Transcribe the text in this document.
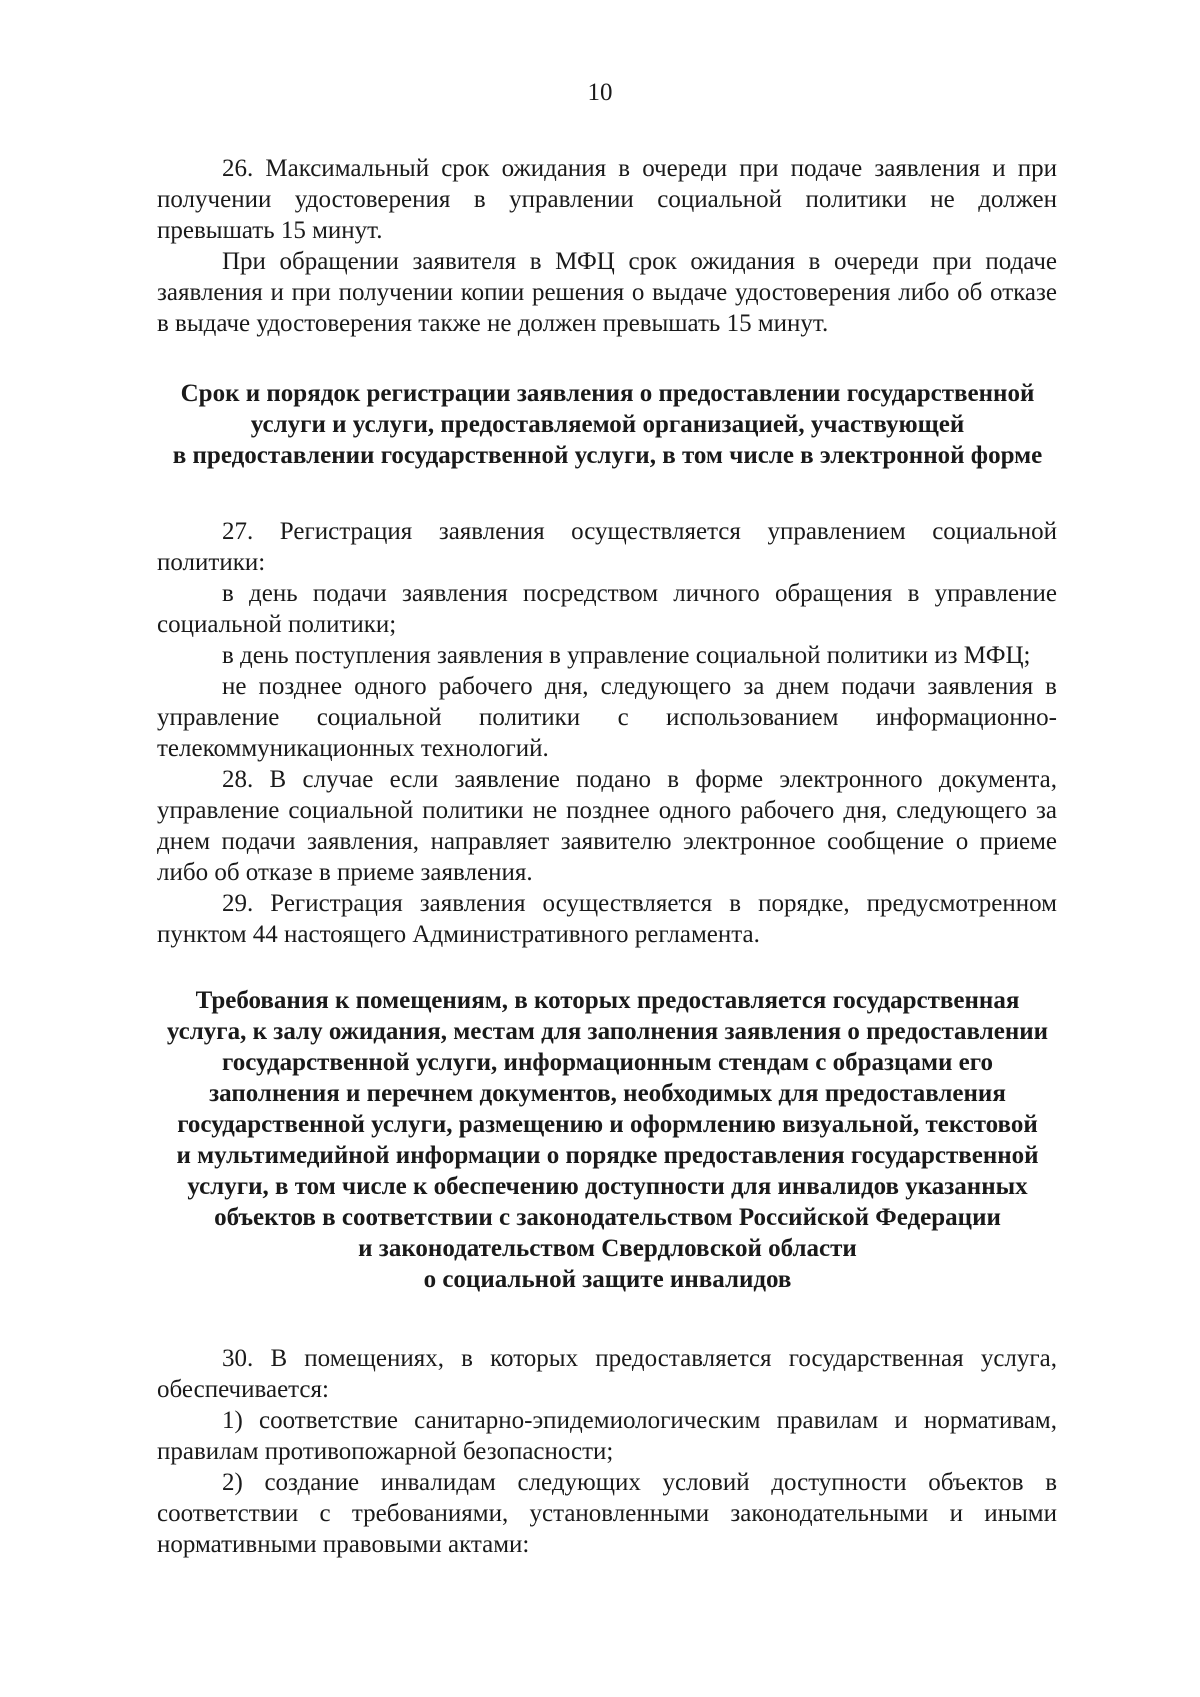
10

26. Максимальный срок ожидания в очереди при подаче заявления и при получении удостоверения в управлении социальной политики не должен превышать 15 минут.

При обращении заявителя в МФЦ срок ожидания в очереди при подаче заявления и при получении копии решения о выдаче удостоверения либо об отказе в выдаче удостоверения также не должен превышать 15 минут.

Срок и порядок регистрации заявления о предоставлении государственной
услуги и услуги, предоставляемой организацией, участвующей
в предоставлении государственной услуги, в том числе в электронной форме

27. Регистрация заявления осуществляется управлением социальной политики:

в день подачи заявления посредством личного обращения в управление социальной политики;

в день поступления заявления в управление социальной политики из МФЦ;

не позднее одного рабочего дня, следующего за днем подачи заявления в управление социальной политики с использованием информационно-телекоммуникационных технологий.

28. В случае если заявление подано в форме электронного документа, управление социальной политики не позднее одного рабочего дня, следующего за днем подачи заявления, направляет заявителю электронное сообщение о приеме либо об отказе в приеме заявления.

29. Регистрация заявления осуществляется в порядке, предусмотренном пунктом 44 настоящего Административного регламента.

Требования к помещениям, в которых предоставляется государственная
услуга, к залу ожидания, местам для заполнения заявления о предоставлении
государственной услуги, информационным стендам с образцами его
заполнения и перечнем документов, необходимых для предоставления
государственной услуги, размещению и оформлению визуальной, текстовой
и мультимедийной информации о порядке предоставления государственной
услуги, в том числе к обеспечению доступности для инвалидов указанных
объектов в соответствии с законодательством Российской Федерации
и законодательством Свердловской области
о социальной защите инвалидов

30. В помещениях, в которых предоставляется государственная услуга, обеспечивается:

1) соответствие санитарно-эпидемиологическим правилам и нормативам, правилам противопожарной безопасности;

2) создание инвалидам следующих условий доступности объектов в соответствии с требованиями, установленными законодательными и иными нормативными правовыми актами:
